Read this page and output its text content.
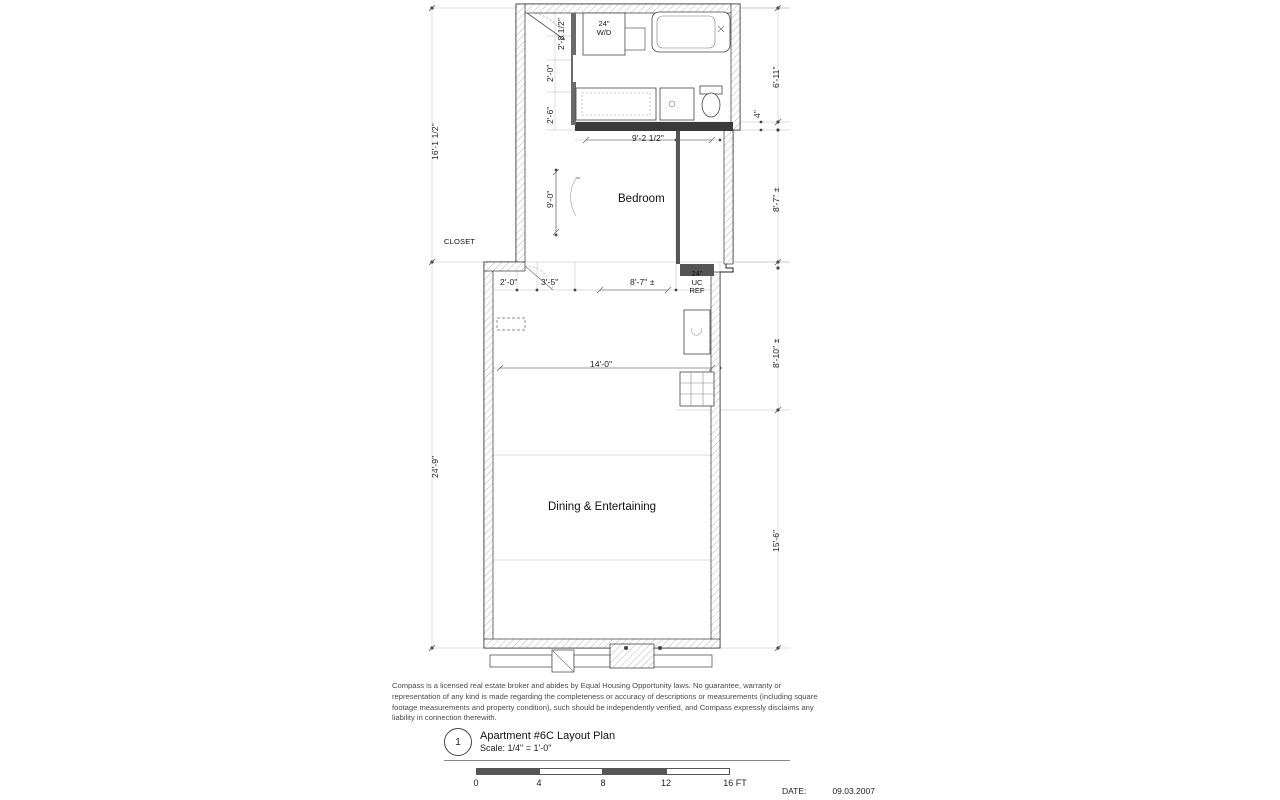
16'-1 1/2"
24'-9"
6'-11"
4"
8'-7" ±
8'-10" ±
15'-6"
2'-8 1/2"
2'-0"
2'-6"
9'-2 1/2"
9'-0"
2'-0"	3'-5"	8'-7" ±
14'-0"
Bedroom
Dining & Entertaining
CLOSET
24"
W/D
24"
UC
REF
Compass is a licensed real estate broker and abides by Equal Housing Opportunity laws. No guarantee, warranty or representation of any kind is made regarding the completeness or accuracy of descriptions or measurements (including square footage measurements and property condition), such should be independently verified, and Compass expressly disclaims any liability in connection therewith.
1	Apartment #6C Layout Plan
Scale: 1/4" = 1'-0"
0	4	8	12	16 FT
DATE:	09.03.2007
